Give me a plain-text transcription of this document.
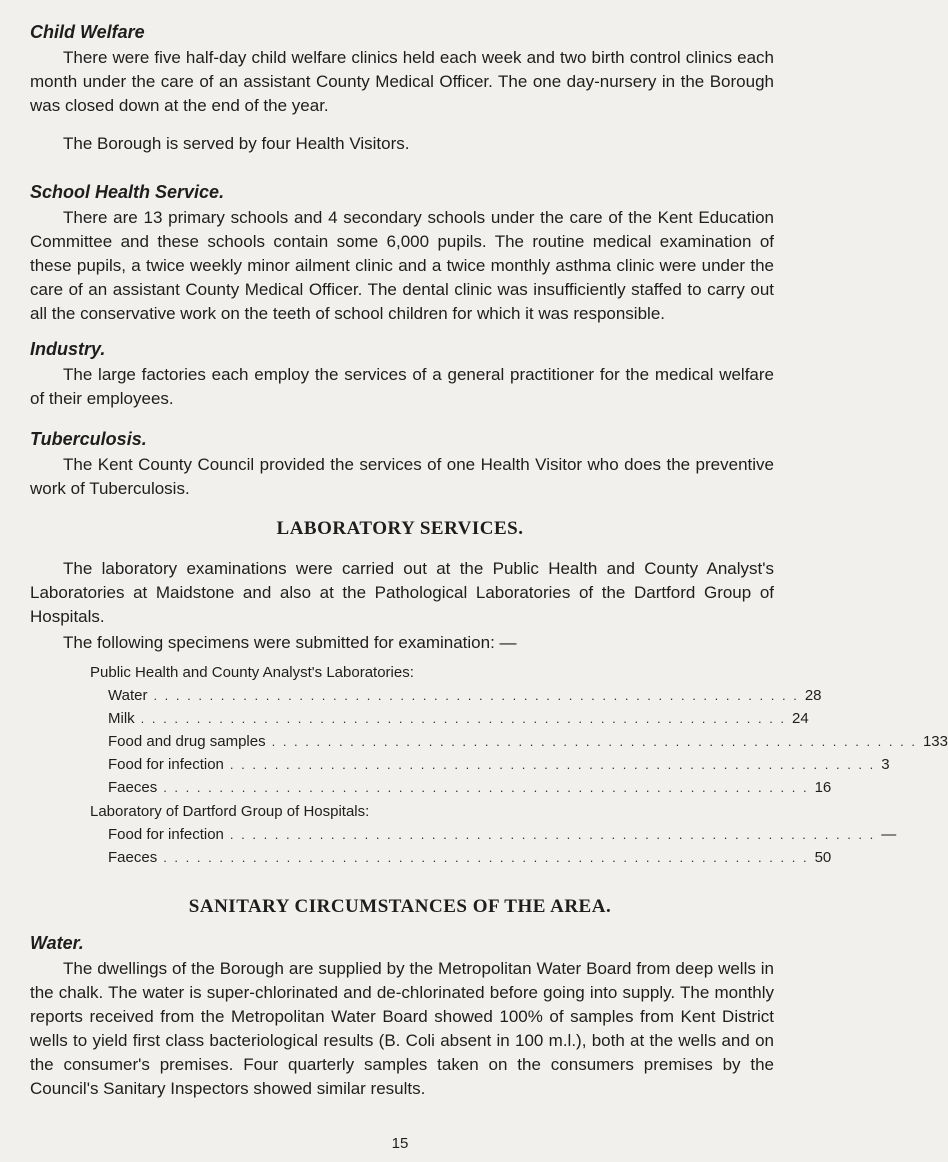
Child Welfare

There were five half-day child welfare clinics held each week and two birth control clinics each month under the care of an assistant County Medical Officer. The one day-nursery in the Borough was closed down at the end of the year.

The Borough is served by four Health Visitors.

School Health Service.

There are 13 primary schools and 4 secondary schools under the care of the Kent Education Committee and these schools contain some 6,000 pupils. The routine medical examination of these pupils, a twice weekly minor ailment clinic and a twice monthly asthma clinic were under the care of an assistant County Medical Officer. The dental clinic was insufficiently staffed to carry out all the conservative work on the teeth of school children for which it was responsible.

Industry.

The large factories each employ the services of a general practitioner for the medical welfare of their employees.

Tuberculosis.

The Kent County Council provided the services of one Health Visitor who does the preventive work of Tuberculosis.

LABORATORY SERVICES.

The laboratory examinations were carried out at the Public Health and County Analyst's Laboratories at Maidstone and also at the Pathological Laboratories of the Dartford Group of Hospitals.

The following specimens were submitted for examination: —

Public Health and County Analyst's Laboratories:

Water . . . . . . . . . . . . . . . . . . . . . . . . . . . . . . . . . . . . . . . . . . . . . . . . . . . . . . . . . . 28
Milk . . . . . . . . . . . . . . . . . . . . . . . . . . . . . . . . . . . . . . . . . . . . . . . . . . . . . . . . . . 24
Food and drug samples . . . . . . . . . . . . . . . . . . . . . . . . . . . . . . . . . . . . . . . . . . . . . . . . . . . . . . . . . . 133
Food for infection . . . . . . . . . . . . . . . . . . . . . . . . . . . . . . . . . . . . . . . . . . . . . . . . . . . . . . . . . . 3
Faeces . . . . . . . . . . . . . . . . . . . . . . . . . . . . . . . . . . . . . . . . . . . . . . . . . . . . . . . . . . 16

Laboratory of Dartford Group of Hospitals:

Food for infection . . . . . . . . . . . . . . . . . . . . . . . . . . . . . . . . . . . . . . . . . . . . . . . . . . . . . . . . . . —
Faeces . . . . . . . . . . . . . . . . . . . . . . . . . . . . . . . . . . . . . . . . . . . . . . . . . . . . . . . . . . 50
SANITARY CIRCUMSTANCES OF THE AREA.
Water.

The dwellings of the Borough are supplied by the Metropolitan Water Board from deep wells in the chalk. The water is super-chlorinated and de-chlorinated before going into supply. The monthly reports received from the Metropolitan Water Board showed 100% of samples from Kent District wells to yield first class bacteriological results (B. Coli absent in 100 m.l.), both at the wells and on the consumer's premises. Four quarterly samples taken on the consumers premises by the Council's Sanitary Inspectors showed similar results.

15
